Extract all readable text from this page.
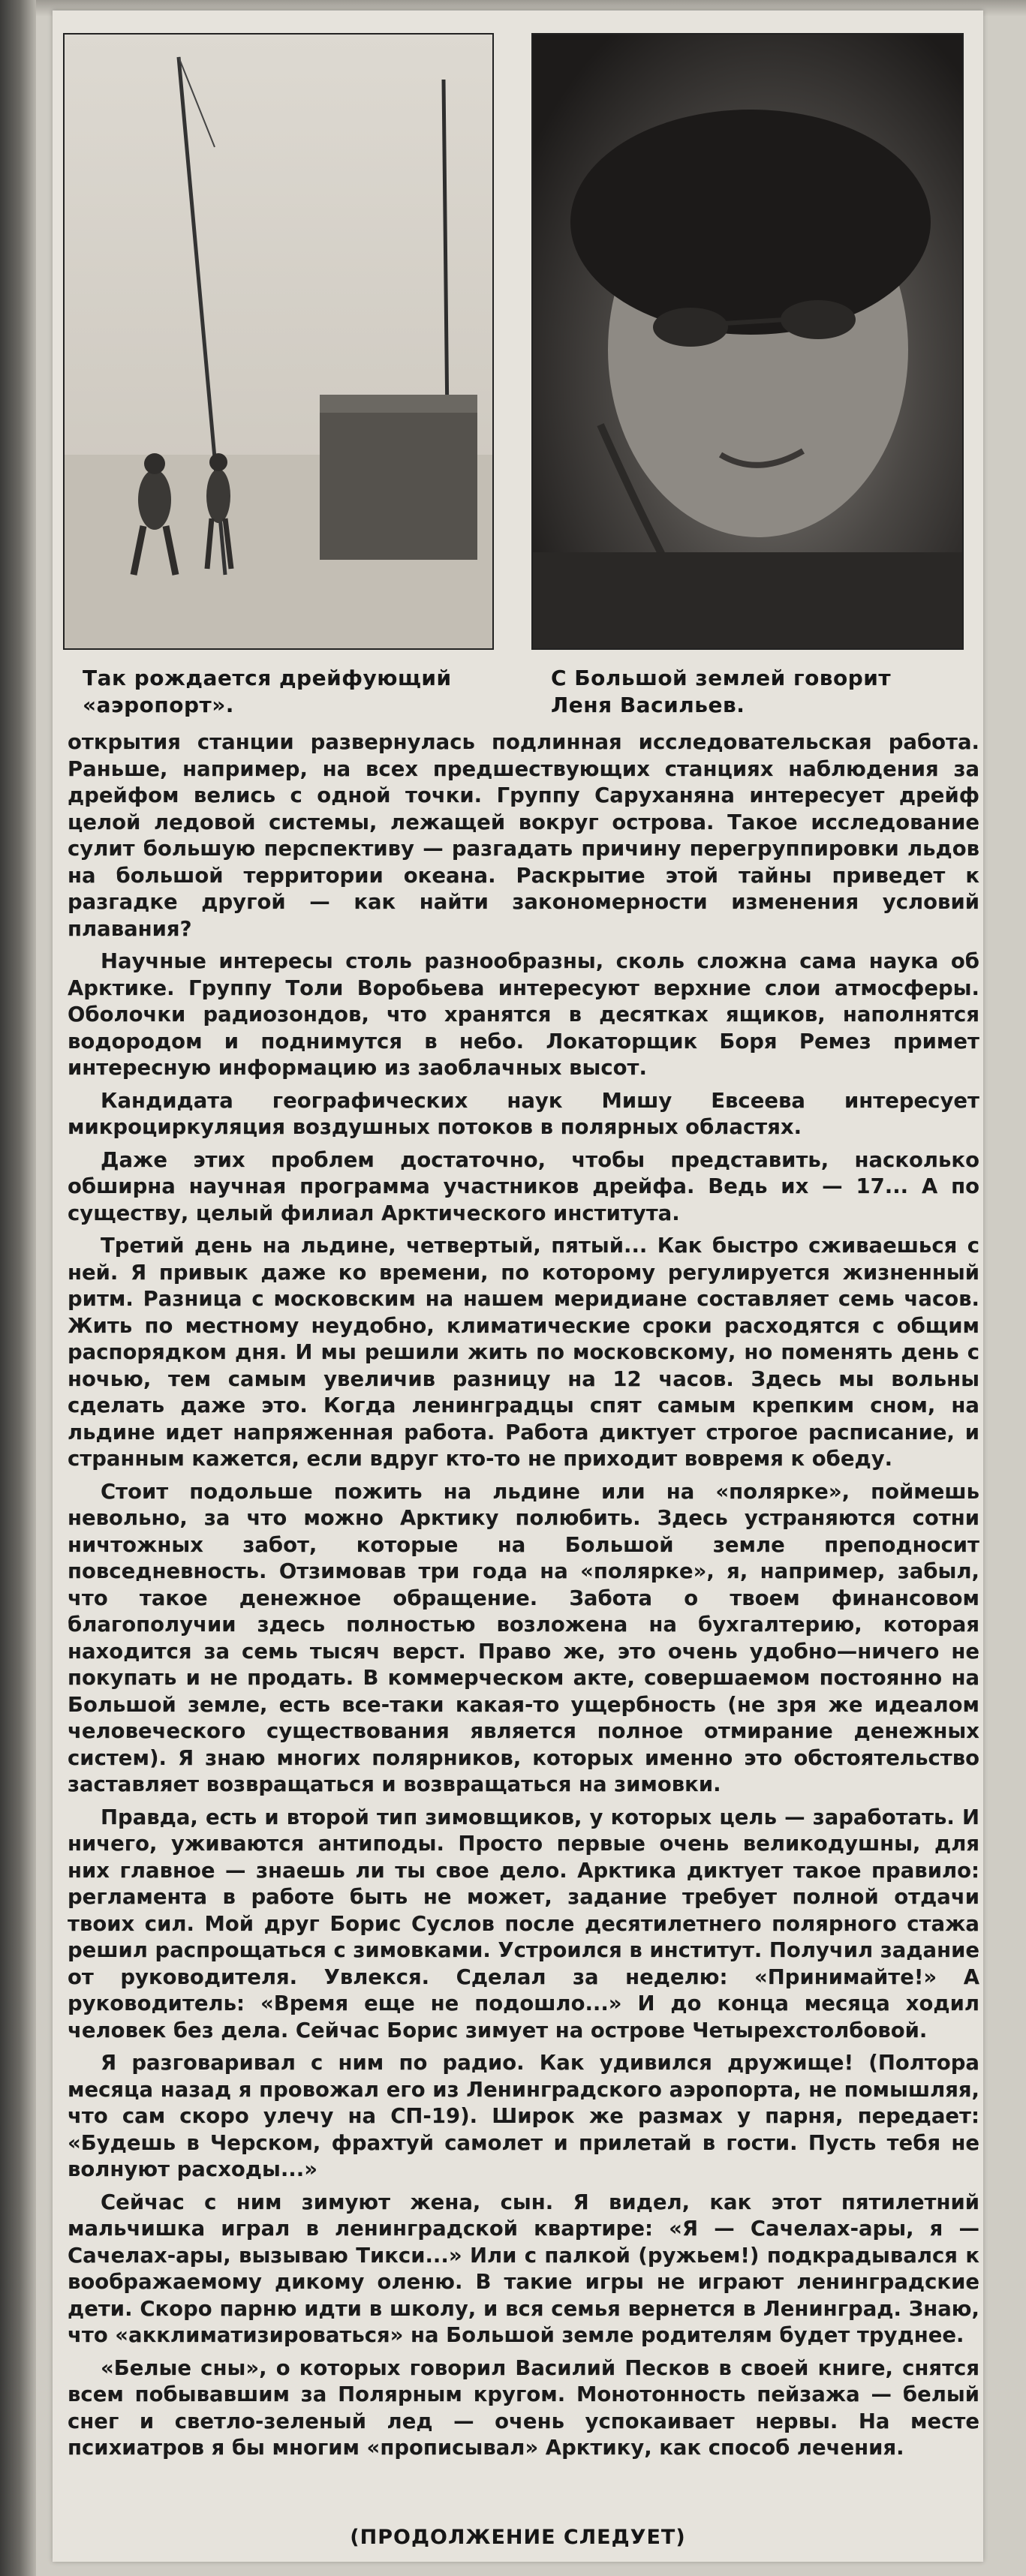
Так рождается дрейфующий «аэропорт».
С Большой землей говорит Леня Васильев.

открытия станции развернулась подлинная исследовательская работа. Раньше, например, на всех предшествующих станциях наблюдения за дрейфом велись с одной точки. Группу Саруханяна интересует дрейф целой ледовой системы, лежащей вокруг острова. Такое исследование сулит большую перспективу — разгадать причину перегруппировки льдов на большой территории океана. Раскрытие этой тайны приведет к разгадке другой — как найти закономерности изменения условий плавания?

Научные интересы столь разнообразны, сколь сложна сама наука об Арктике. Группу Толи Воробьева интересуют верхние слои атмосферы. Оболочки радиозондов, что хранятся в десятках ящиков, наполнятся водородом и поднимутся в небо. Локаторщик Боря Ремез примет интересную информацию из заоблачных высот.

Кандидата географических наук Мишу Евсеева интересует микроциркуляция воздушных потоков в полярных областях.

Даже этих проблем достаточно, чтобы представить, насколько обширна научная программа участников дрейфа. Ведь их — 17... А по существу, целый филиал Арктического института.

Третий день на льдине, четвертый, пятый... Как быстро сживаешься с ней. Я привык даже ко времени, по которому регулируется жизненный ритм. Разница с московским на нашем меридиане составляет семь часов. Жить по местному неудобно, климатические сроки расходятся с общим распорядком дня. И мы решили жить по московскому, но поменять день с ночью, тем самым увеличив разницу на 12 часов. Здесь мы вольны сделать даже это. Когда ленинградцы спят самым крепким сном, на льдине идет напряженная работа. Работа диктует строгое расписание, и странным кажется, если вдруг кто-то не приходит вовремя к обеду.

Стоит подольше пожить на льдине или на «полярке», поймешь невольно, за что можно Арктику полюбить. Здесь устраняются сотни ничтожных забот, которые на Большой земле преподносит повседневность. Отзимовав три года на «полярке», я, например, забыл, что такое денежное обращение. Забота о твоем финансовом благополучии здесь полностью возложена на бухгалтерию, которая находится за семь тысяч верст. Право же, это очень удобно—ничего не покупать и не продать. В коммерческом акте, совершаемом постоянно на Большой земле, есть все-таки какая-то ущербность (не зря же идеалом человеческого существования является полное отмирание денежных систем). Я знаю многих полярников, которых именно это обстоятельство заставляет возвращаться и возвращаться на зимовки.

Правда, есть и второй тип зимовщиков, у которых цель — заработать. И ничего, уживаются антиподы. Просто первые очень великодушны, для них главное — знаешь ли ты свое дело. Арктика диктует такое правило: регламента в работе быть не может, задание требует полной отдачи твоих сил. Мой друг Борис Суслов после десятилетнего полярного стажа решил распрощаться с зимовками. Устроился в институт. Получил задание от руководителя. Увлекся. Сделал за неделю: «Принимайте!» А руководитель: «Время еще не подошло...» И до конца месяца ходил человек без дела. Сейчас Борис зимует на острове Четырехстолбовой.

Я разговаривал с ним по радио. Как удивился дружище! (Полтора месяца назад я провожал его из Ленинградского аэропорта, не помышляя, что сам скоро улечу на СП-19). Широк же размах у парня, передает: «Будешь в Черском, фрахтуй самолет и прилетай в гости. Пусть тебя не волнуют расходы...»

Сейчас с ним зимуют жена, сын. Я видел, как этот пятилетний мальчишка играл в ленинградской квартире: «Я — Сачелах-ары, я — Сачелах-ары, вызываю Тикси...» Или с палкой (ружьем!) подкрадывался к воображаемому дикому оленю. В такие игры не играют ленинградские дети. Скоро парню идти в школу, и вся семья вернется в Ленинград. Знаю, что «акклиматизироваться» на Большой земле родителям будет труднее.

«Белые сны», о которых говорил Василий Песков в своей книге, снятся всем побывавшим за Полярным кругом. Монотонность пейзажа — белый снег и светло-зеленый лед — очень успокаивает нервы. На месте психиатров я бы многим «прописывал» Арктику, как способ лечения.

(ПРОДОЛЖЕНИЕ СЛЕДУЕТ)
